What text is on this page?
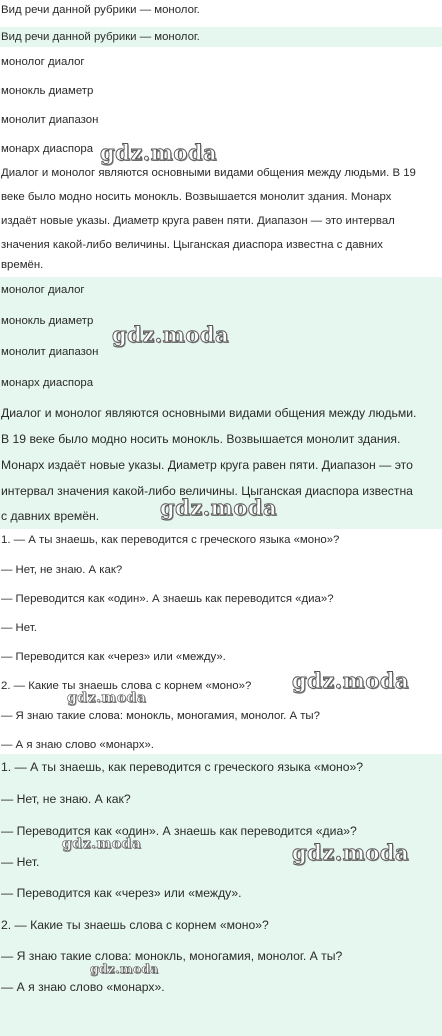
Вид речи данной рубрики — монолог.
Вид речи данной рубрики — монолог.
монолог диалог
монокль диаметр
монолит диапазон
монарх диаспора
Диалог и монолог являются основными видами общения между людьми. В 19
веке было модно носить монокль. Возвышается монолит здания. Монарх
издаёт новые указы. Диаметр круга равен пяти. Диапазон — это интервал
значения какой-либо величины. Цыганская диаспора известна с давних
времён.
монолог диалог
монокль диаметр
монолит диапазон
монарх диаспора
Диалог и монолог являются основными видами общения между людьми.
В 19 веке было модно носить монокль. Возвышается монолит здания.
Монарх издаёт новые указы. Диаметр круга равен пяти. Диапазон — это
интервал значения какой-либо величины. Цыганская диаспора известна
с давних времён.
1. — А ты знаешь, как переводится с греческого языка «моно»?
— Нет, не знаю. А как?
— Переводится как «один». А знаешь как переводится «диа»?
— Нет.
— Переводится как «через» или «между».
2. — Какие ты знаешь слова с корнем «моно»?
— Я знаю такие слова: монокль, моногамия, монолог. А ты?
— А я знаю слово «монарх».
1. — А ты знаешь, как переводится с греческого языка «моно»?
— Нет, не знаю. А как?
— Переводится как «один». А знаешь как переводится «диа»?
— Нет.
— Переводится как «через» или «между».
2. — Какие ты знаешь слова с корнем «моно»?
— Я знаю такие слова: монокль, моногамия, монолог. А ты?
— А я знаю слово «монарх».
gdz.moda
gdz.moda
gdz.moda
gdz.moda
gdz.moda
gdz.moda
gdz.moda
gdz.moda
